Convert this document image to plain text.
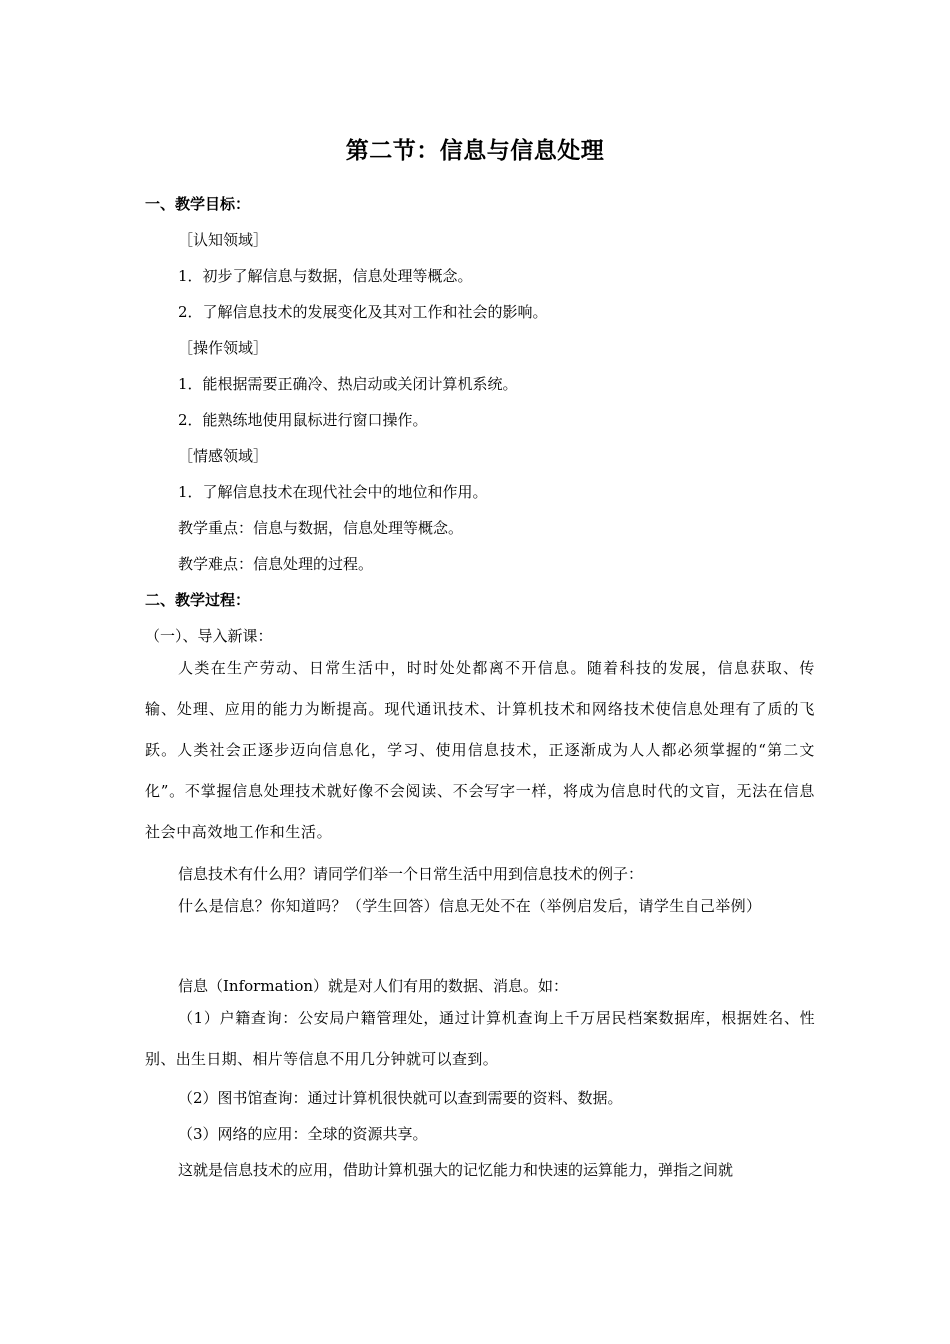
第二节：信息与信息处理
一、教学目标：
［认知领域］
1．初步了解信息与数据，信息处理等概念。
2．了解信息技术的发展变化及其对工作和社会的影响。
［操作领域］
1．能根据需要正确冷、热启动或关闭计算机系统。
2．能熟练地使用鼠标进行窗口操作。
［情感领域］
1．了解信息技术在现代社会中的地位和作用。
教学重点：信息与数据，信息处理等概念。
教学难点：信息处理的过程。
二、教学过程：
（一）、导入新课：
人类在生产劳动、日常生活中，时时处处都离不开信息。随着科技的发展，信息获取、传输、处理、应用的能力为断提高。现代通讯技术、计算机技术和网络技术使信息处理有了质的飞跃。人类社会正逐步迈向信息化，学习、使用信息技术，正逐渐成为人人都必须掌握的“第二文化”。不掌握信息处理技术就好像不会阅读、不会写字一样，将成为信息时代的文盲，无法在信息社会中高效地工作和生活。
信息技术有什么用？请同学们举一个日常生活中用到信息技术的例子：
什么是信息？你知道吗？（学生回答）信息无处不在（举例启发后，请学生自己举例）
信息（Information）就是对人们有用的数据、消息。如：
（1）户籍查询：公安局户籍管理处，通过计算机查询上千万居民档案数据库，根据姓名、性别、出生日期、相片等信息不用几分钟就可以查到。
（2）图书馆查询：通过计算机很快就可以查到需要的资料、数据。
（3）网络的应用：全球的资源共享。
这就是信息技术的应用，借助计算机强大的记忆能力和快速的运算能力，弹指之间就
